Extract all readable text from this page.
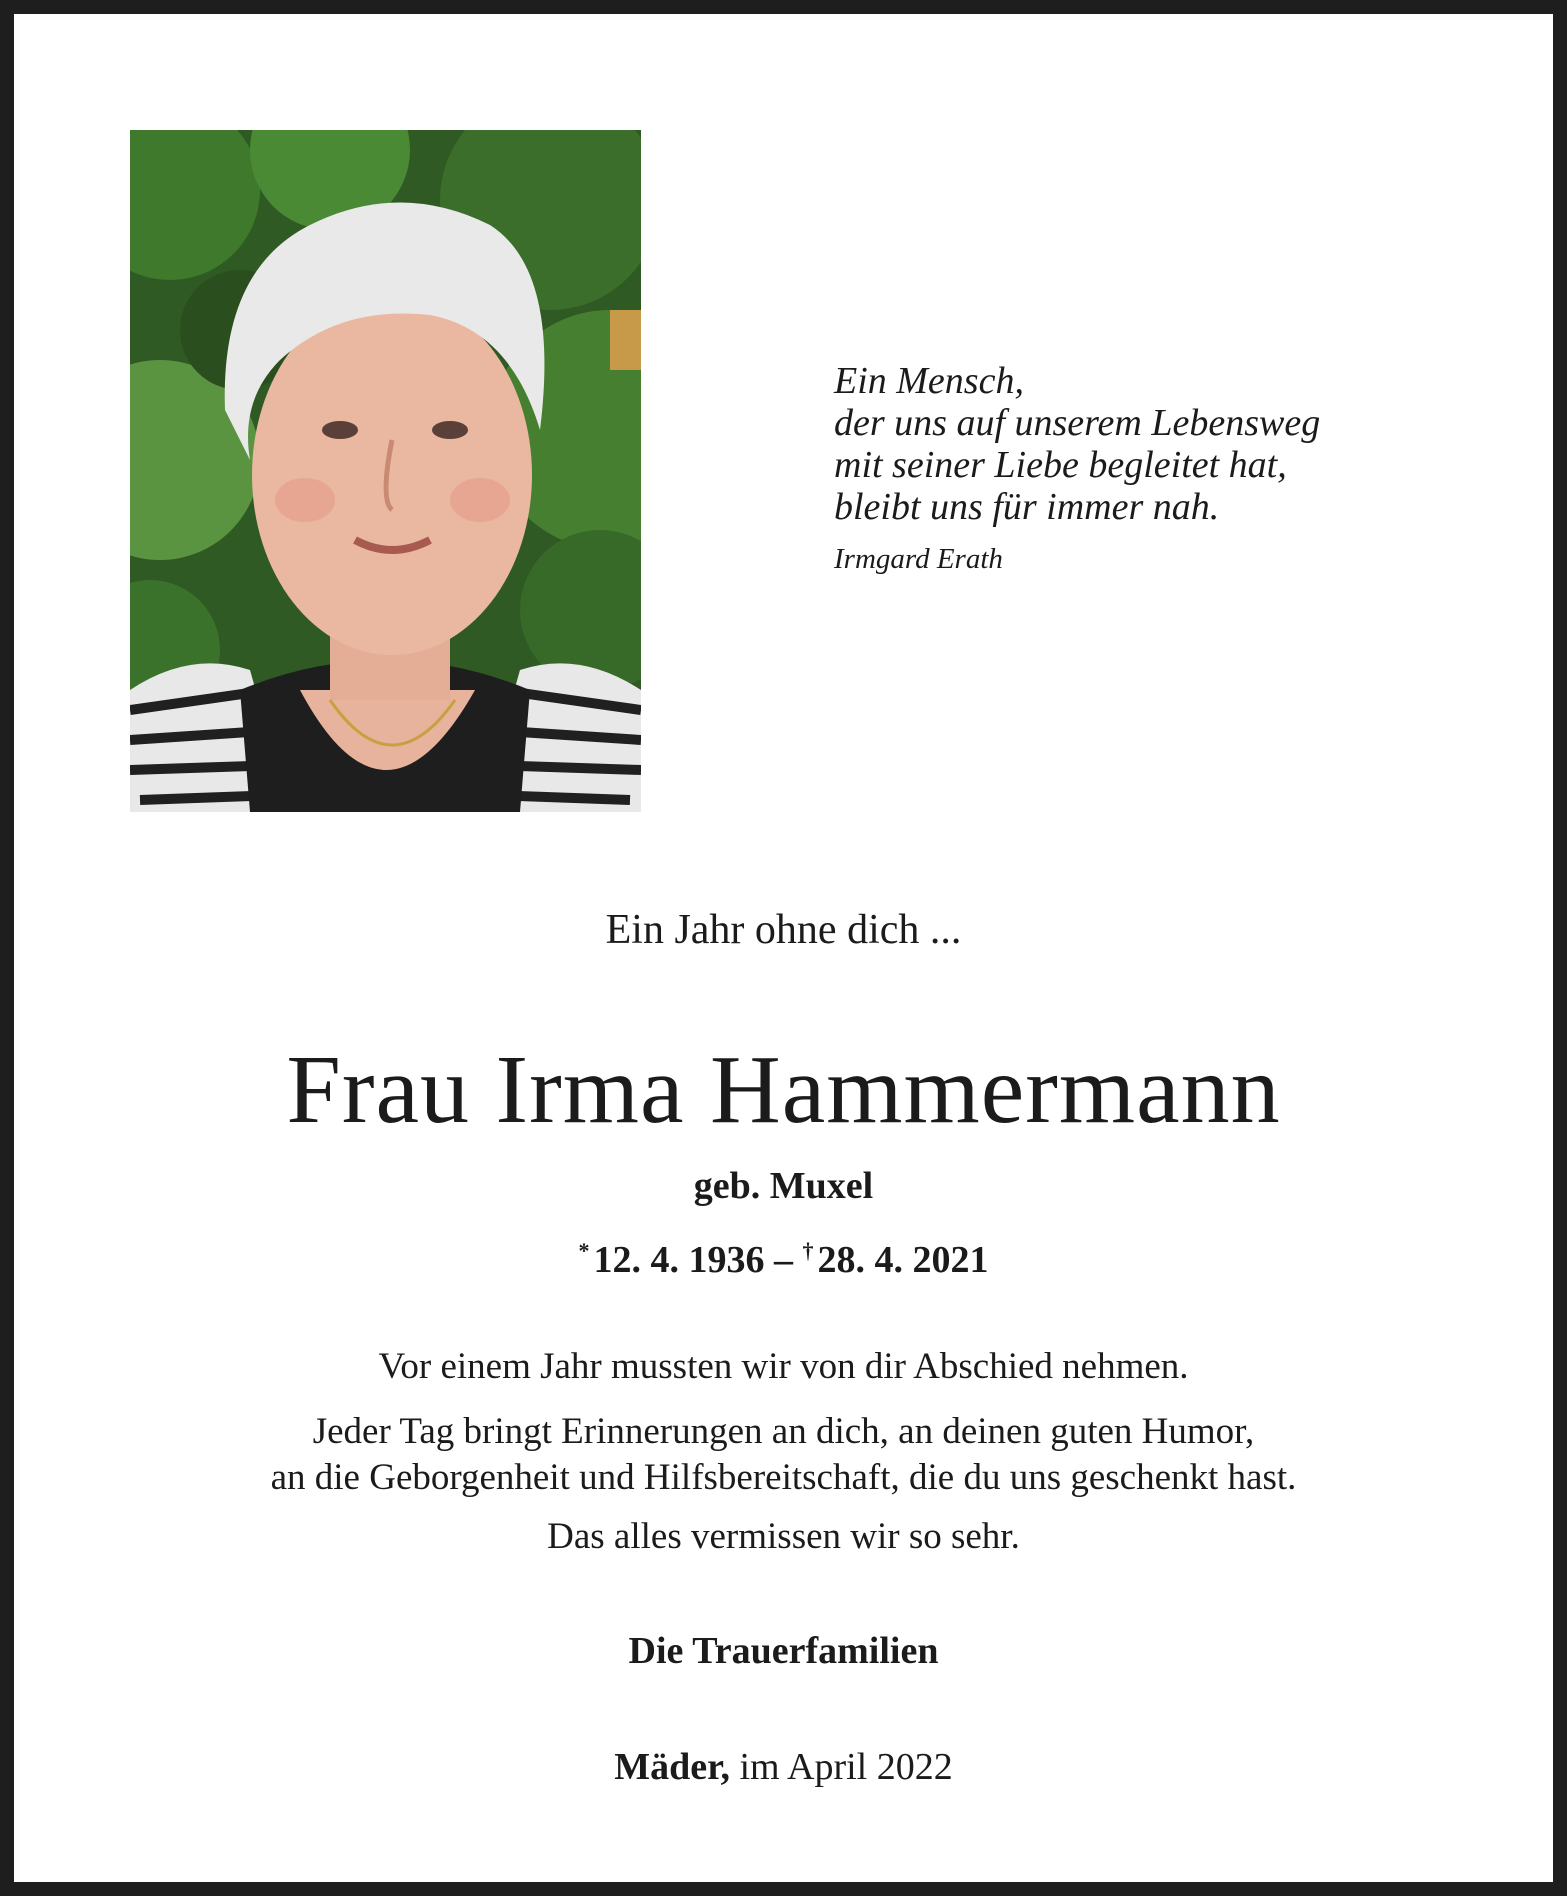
Ein Mensch,
der uns auf unserem Lebensweg
mit seiner Liebe begleitet hat,
bleibt uns für immer nah.
Irmgard Erath
Ein Jahr ohne dich ...
Frau Irma Hammermann
geb. Muxel
* 12. 4. 1936 – † 28. 4. 2021
Vor einem Jahr mussten wir von dir Abschied nehmen.
Jeder Tag bringt Erinnerungen an dich, an deinen guten Humor,
an die Geborgenheit und Hilfsbereitschaft, die du uns geschenkt hast.
Das alles vermissen wir so sehr.
Die Trauerfamilien
Mäder, im April 2022
